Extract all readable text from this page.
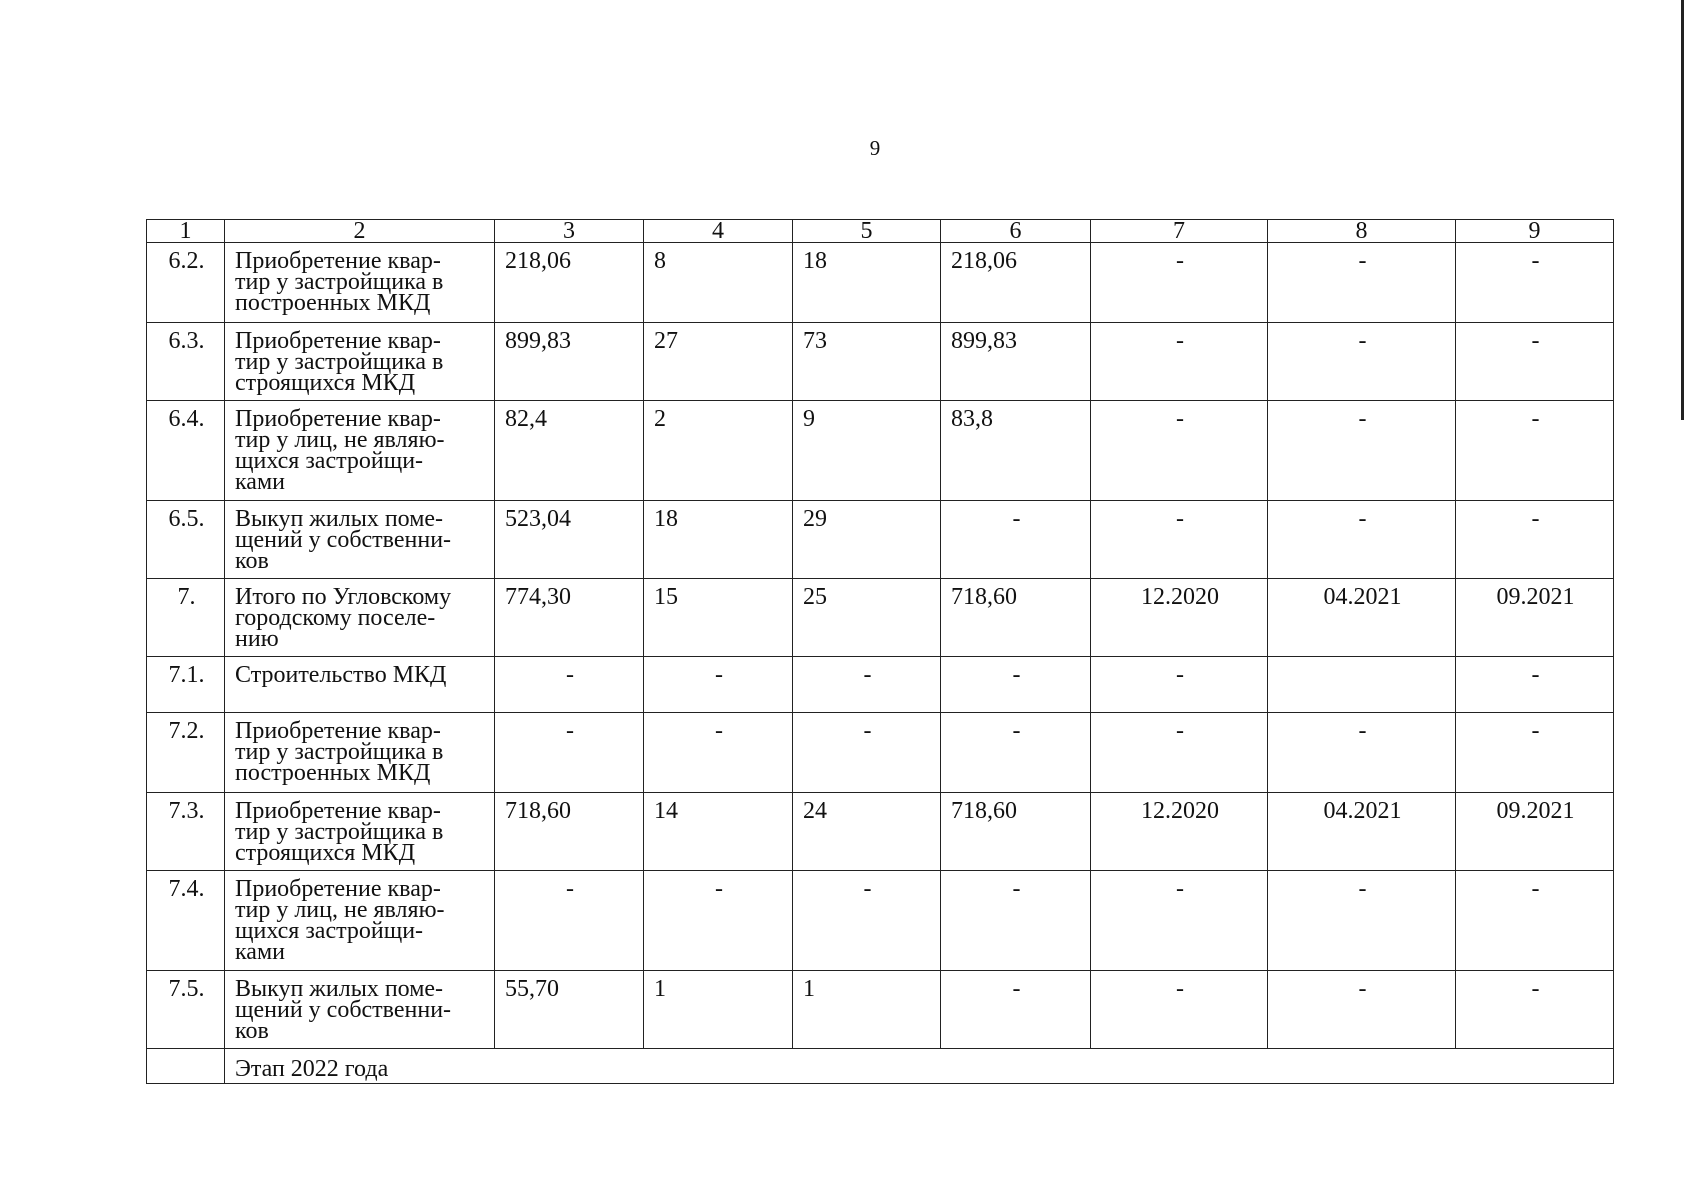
9
1	2	3	4	5	6	7	8	9
6.2.	Приобретение квар-
тир у застройщика в
построенных МКД	218,06	8	18	218,06	-	-	-
6.3.	Приобретение квар-
тир у застройщика в
строящихся МКД	899,83	27	73	899,83	-	-	-
6.4.	Приобретение квар-
тир у лиц, не являю-
щихся застройщи-
ками	82,4	2	9	83,8	-	-	-
6.5.	Выкуп жилых поме-
щений у собственни-
ков	523,04	18	29	-	-	-	-
7.	Итого по Угловскому
городскому поселе-
нию	774,30	15	25	718,60	12.2020	04.2021	09.2021
7.1.	Строительство МКД	-	-	-	-	-		-
7.2.	Приобретение квар-
тир у застройщика в
построенных МКД	-	-	-	-	-	-	-
7.3.	Приобретение квар-
тир у застройщика в
строящихся МКД	718,60	14	24	718,60	12.2020	04.2021	09.2021
7.4.	Приобретение квар-
тир у лиц, не являю-
щихся застройщи-
ками	-	-	-	-	-	-	-
7.5.	Выкуп жилых поме-
щений у собственни-
ков	55,70	1	1	-	-	-	-
	Этап 2022 года							
